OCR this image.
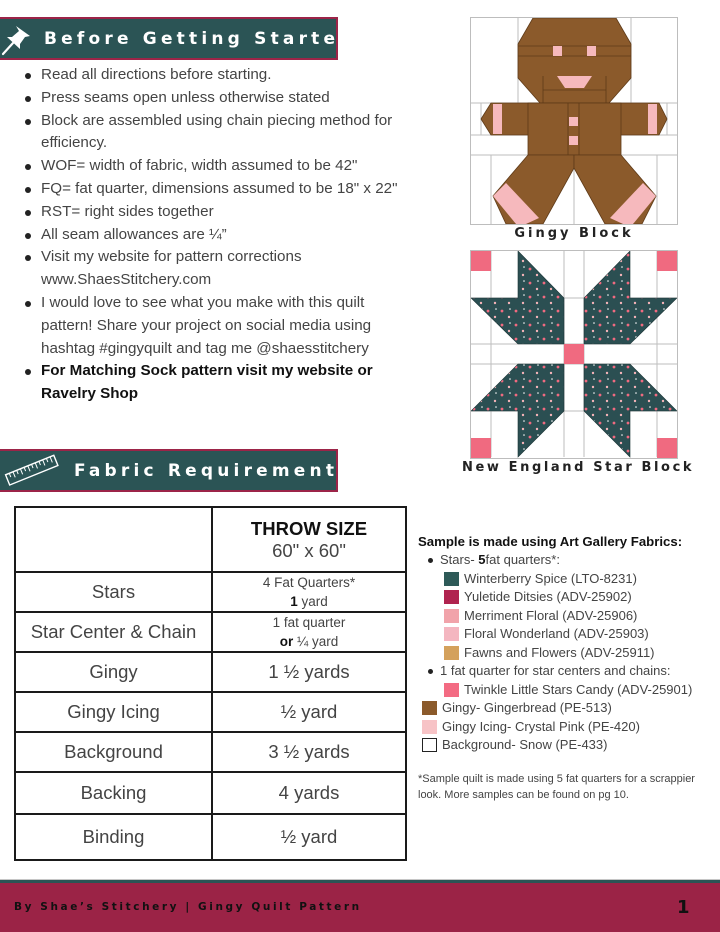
Before Getting Started
Read all directions before starting.
Press seams open unless otherwise stated
Block are assembled using chain piecing method for efficiency.
WOF= width of fabric, width assumed to be 42"
FQ= fat quarter, dimensions assumed to be 18" x 22"
RST= right sides together
All seam allowances are ¼”
Visit my website for pattern corrections www.ShaesStitchery.com
I would love to see what you make with this quilt pattern! Share your project on social media using hashtag #gingyquilt and tag me @shaesstitchery
For Matching Sock pattern visit my website or Ravelry Shop
Gingy Block
New England Star Block
Fabric Requirements

	THROW SIZE
60" x 60"

Stars	4 Fat Quarters*
1 yard
Star Center & Chain	1 fat quarter
or ¼ yard
Gingy	1 ½ yards
Gingy Icing	½ yard
Background	3 ½ yards
Backing	4 yards
Binding	½ yard
Sample is made using Art Gallery Fabrics:
Stars-
5 fat quarters*:
Winterberry Spice (LTO-8231)
Yuletide Ditsies (ADV-25902)
Merriment Floral (ADV-25906)
Floral Wonderland (ADV-25903)
Fawns and Flowers (ADV-25911)
1 fat quarter for star centers and chains:
Twinkle Little Stars Candy (ADV-25901)
Gingy- Gingerbread (PE-513)
Gingy Icing- Crystal Pink (PE-420)
Background- Snow (PE-433)
*Sample quilt is made using 5 fat quarters for a scrappier look. More samples can be found on pg 10.
By Shae’s Stitchery | Gingy Quilt Pattern	1
